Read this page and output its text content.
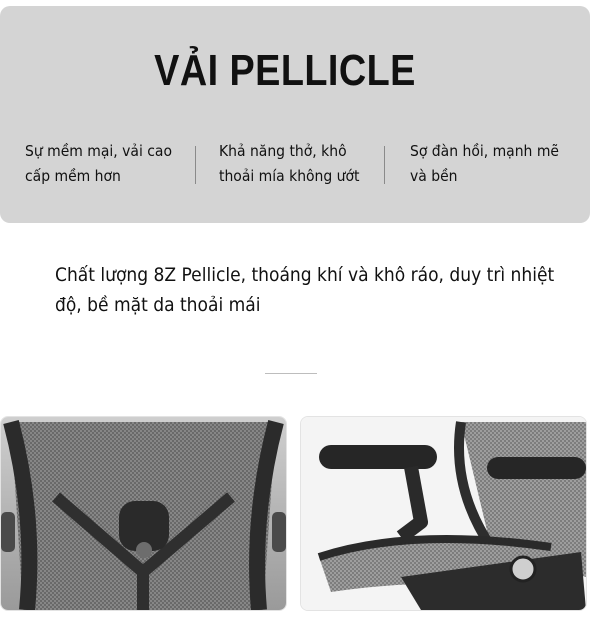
VẢI PELLICLE
Sự mềm mại, vải cao cấp mềm hơn
Khả năng thở, khô thoải mía không ướt
Sợ đàn hồi, mạnh mẽ và bền
Chất lượng 8Z Pellicle, thoáng khí và khô ráo, duy trì nhiệt độ, bề mặt da thoải mái
